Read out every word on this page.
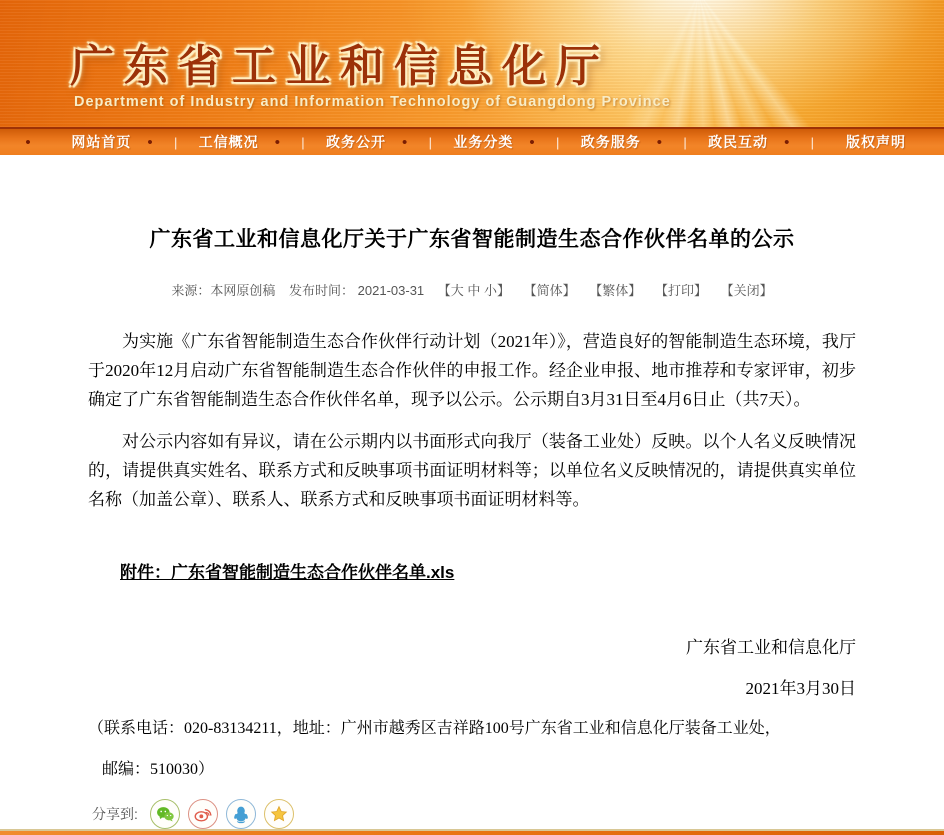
广东省工业和信息化厅
Department of Industry and Information Technology of Guangdong Province
•	网站首页 • | 工信概况 • | 政务公开 • | 业务分类 • | 政务服务 • | 政民互动 • | 版权声明
广东省工业和信息化厅关于广东省智能制造生态合作伙伴名单的公示
来源：本网原创稿 发布时间： 2021-03-31 【大 中 小】 【简体】 【繁体】 【打印】 【关闭】

为实施《广东省智能制造生态合作伙伴行动计划（2021年）》，营造良好的智能制造生态环境，我厅于2020年12月启动广东省智能制造生态合作伙伴的申报工作。经企业申报、地市推荐和专家评审，初步确定了广东省智能制造生态合作伙伴名单，现予以公示。公示期自3月31日至4月6日止（共7天）。

对公示内容如有异议，请在公示期内以书面形式向我厅（装备工业处）反映。以个人名义反映情况的，请提供真实姓名、联系方式和反映事项书面证明材料等；以单位名义反映情况的，请提供真实单位名称（加盖公章）、联系人、联系方式和反映事项书面证明材料等。

附件：广东省智能制造生态合作伙伴名单.xls
广东省工业和信息化厅
2021年3月30日
（联系电话：020-83134211，地址：广州市越秀区吉祥路100号广东省工业和信息化厅装备工业处，
邮编：510030）
分享到:
